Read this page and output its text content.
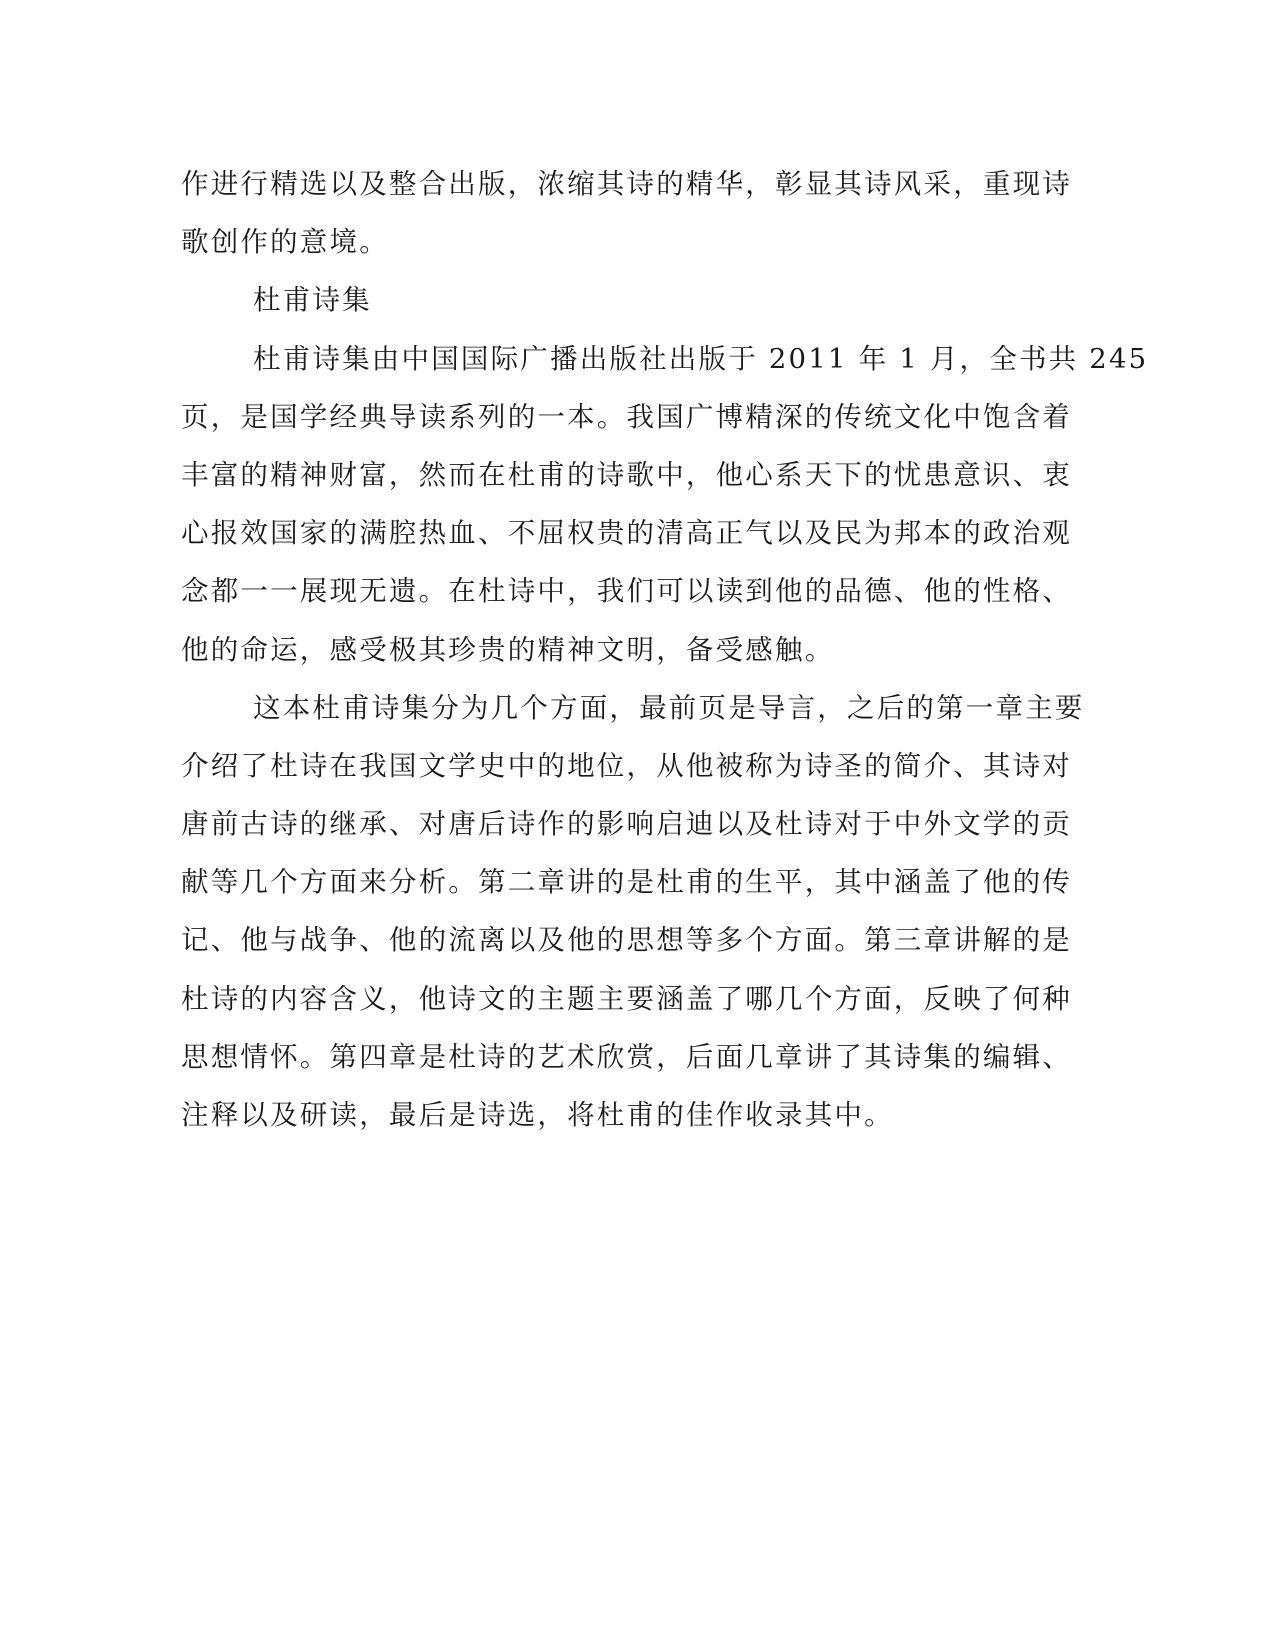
作进行精选以及整合出版，浓缩其诗的精华，彰显其诗风采，重现诗
歌创作的意境。
杜甫诗集
杜甫诗集由中国国际广播出版社出版于 2011 年 1 月，全书共 245
页，是国学经典导读系列的一本。我国广博精深的传统文化中饱含着
丰富的精神财富，然而在杜甫的诗歌中，他心系天下的忧患意识、衷
心报效国家的满腔热血、不屈权贵的清高正气以及民为邦本的政治观
念都一一展现无遗。在杜诗中，我们可以读到他的品德、他的性格、
他的命运，感受极其珍贵的精神文明，备受感触。
这本杜甫诗集分为几个方面，最前页是导言，之后的第一章主要
介绍了杜诗在我国文学史中的地位，从他被称为诗圣的简介、其诗对
唐前古诗的继承、对唐后诗作的影响启迪以及杜诗对于中外文学的贡
献等几个方面来分析。第二章讲的是杜甫的生平，其中涵盖了他的传
记、他与战争、他的流离以及他的思想等多个方面。第三章讲解的是
杜诗的内容含义，他诗文的主题主要涵盖了哪几个方面，反映了何种
思想情怀。第四章是杜诗的艺术欣赏，后面几章讲了其诗集的编辑、
注释以及研读，最后是诗选，将杜甫的佳作收录其中。
